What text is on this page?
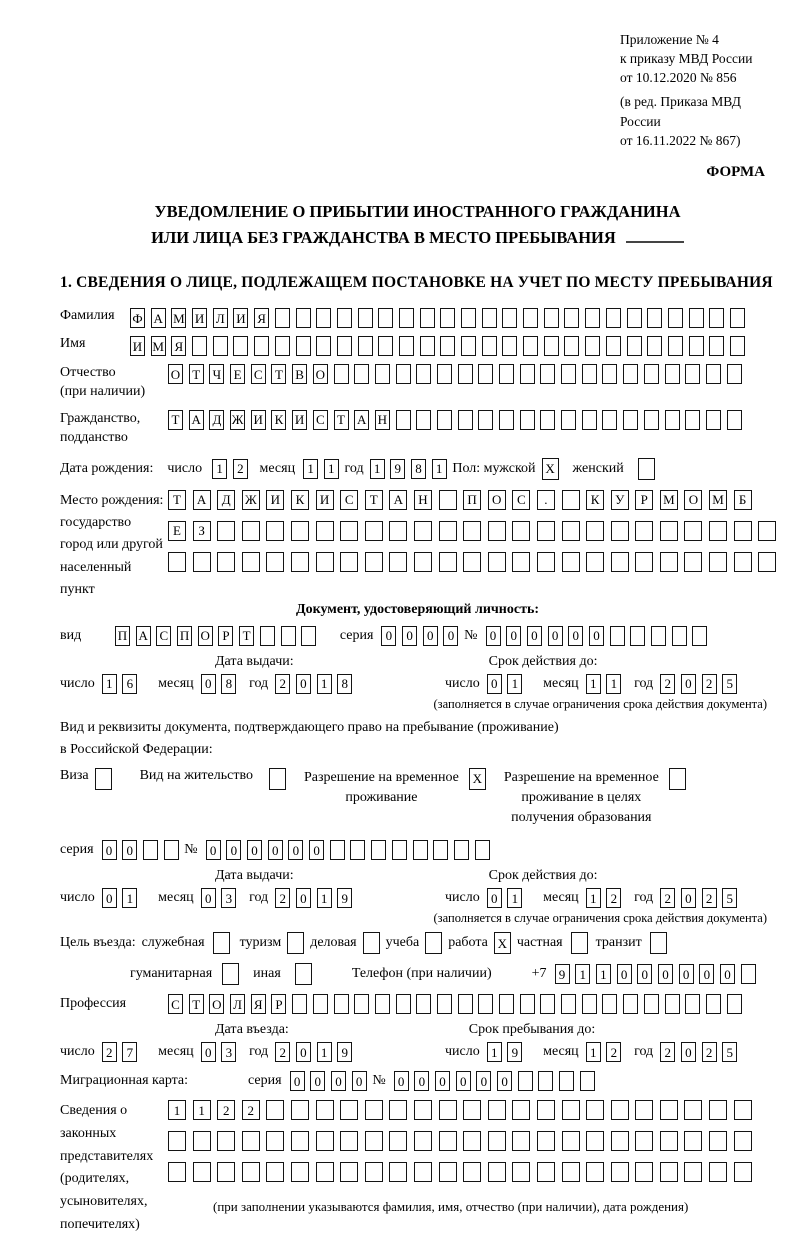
Приложение № 4
к приказу МВД России
от 10.12.2020 № 856
(в ред. Приказа МВД России
от 16.11.2022 № 867)
ФОРМА
УВЕДОМЛЕНИЕ О ПРИБЫТИИ ИНОСТРАННОГО ГРАЖДАНИНА
ИЛИ ЛИЦА БЕЗ ГРАЖДАНСТВА В МЕСТО ПРЕБЫВАНИЯ
1. СВЕДЕНИЯ О ЛИЦЕ, ПОДЛЕЖАЩЕМ ПОСТАНОВКЕ НА УЧЕТ ПО МЕСТУ ПРЕБЫВАНИЯ
Фамилия	Ф А М И Л И Я
Имя	И М Я
Отчество
(при наличии)
О Т Ч Е С Т В О
Гражданство,
подданство
Т А Д Ж И К И С Т А Н
Дата рождения: число	1	2	месяц 1	1 год 1	9	8	1 Пол: мужской X женский
Место рождения:
государство
город или другой
населенный пункт
Т	А	Д	Ж	И	К	И	С	Т	А	Н	П	О	С	.	К	У	Р	М	О	М	Б
Е	З
Документ, удостоверяющий личность:
вид	П А С П О Р Т	серия 0	0	0	0 № 0	0	0	0	0	0
Дата выдачи:	Срок действия до:
число 1	6	месяц 0	8	год 2	0	1	8	число 0	1	месяц 1	1	год 2	0	2	5
(заполняется в случае ограничения срока действия документа)
Вид и реквизиты документа, подтверждающего право на пребывание (проживание)
в Российской Федерации:
Виза	Вид на жительство	Разрешение на временное
проживание
X Разрешение на временное
проживание в целях
получения образования
серия 0	0	№ 0	0	0	0	0	0
Дата выдачи:	Срок действия до:
число 0	1	месяц 0	3	год 2	0	1	9	число 0	1	месяц 1	2	год 2	0	2	5
(заполняется в случае ограничения срока действия документа)
Цель въезда: служебная	туризм деловая учеба работа X частная транзит
гуманитарная	иная	Телефон (при наличии)	+7 9	1	1	0	0	0	0	0	0
Профессия	С Т О Л Я Р
Дата въезда:	Срок пребывания до:
число 2	7	месяц 0	3	год 2	0	1	9	число 1	9	месяц 1	2	год 2	0	2	5
Миграционная карта:	серия 0	0	0	0 № 0	0	0	0	0	0
Сведения о
законных
представителях
(родителях,
усыновителях,
попечителях)
1	1	2	2
(при заполнении указываются фамилия, имя, отчество (при наличии), дата рождения)
